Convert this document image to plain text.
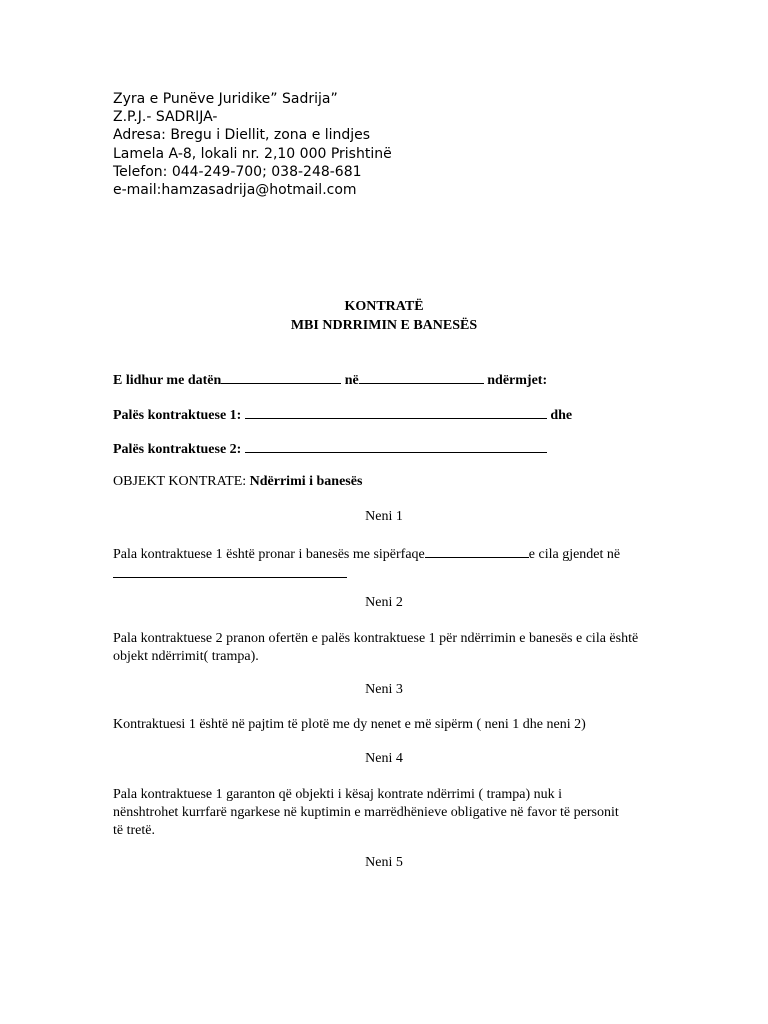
Zyra e Punëve Juridike” Sadrija”
Z.P.J.- SADRIJA-
Adresa: Bregu i Diellit, zona e lindjes
Lamela A-8, lokali nr. 2,10 000 Prishtinë
Telefon: 044-249-700; 038-248-681
e-mail:hamzasadrija@hotmail.com
KONTRATË
MBI NDRRIMIN E BANESËS
E lidhur me datën	në	ndërmjet:
Palës kontraktuese 1:	dhe
Palës kontraktuese 2:
OBJEKT KONTRATE: Ndërrimi i banesës
Neni 1
Pala kontraktuese 1 është pronar i banesës me sipërfaqe	e cila gjendet në

Neni 2
Pala kontraktuese 2 pranon ofertën e palës kontraktuese 1 për ndërrimin e banesës e cila është objekt ndërrimit( trampa).
Neni 3
Kontraktuesi 1 është në pajtim të plotë me dy nenet e më sipërm ( neni 1 dhe neni 2)
Neni 4
Pala kontraktuese 1 garanton që objekti i kësaj kontrate ndërrimi ( trampa) nuk i nënshtrohet kurrfarë ngarkese në kuptimin e marrëdhënieve obligative në favor të personit të tretë.
Neni 5
